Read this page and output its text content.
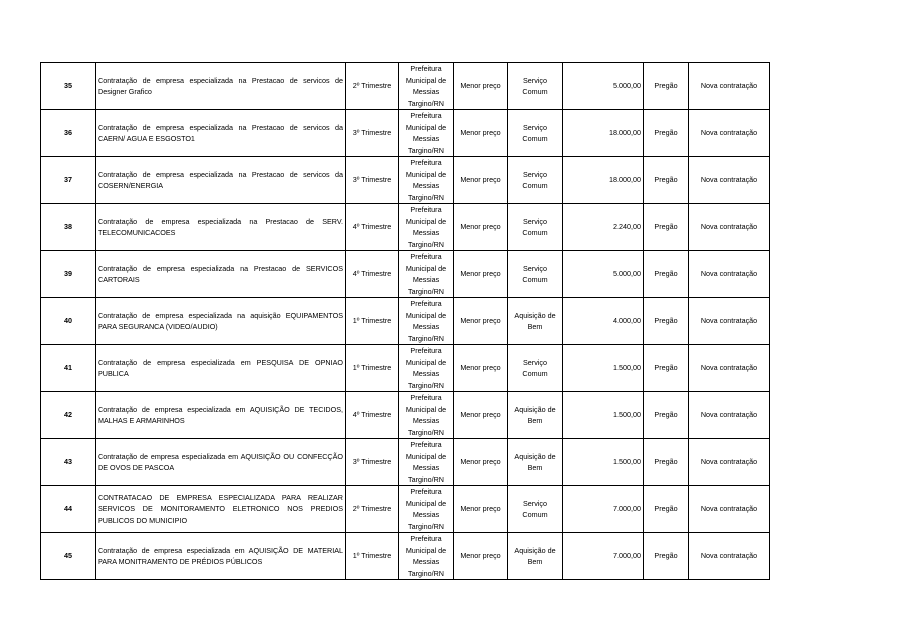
35	Contratação de empresa especializada na Prestacao de servicos de Designer Grafico	2º Trimestre	Prefeitura Municipal de Messias Targino/RN	Menor preço	Serviço Comum	5.000,00	Pregão	Nova contratação
36	Contratação de empresa especializada na Prestacao de servicos da CAERN/ AGUA E ESGOSTO1	3º Trimestre	Prefeitura Municipal de Messias Targino/RN	Menor preço	Serviço Comum	18.000,00	Pregão	Nova contratação
37	Contratação de empresa especializada na Prestacao de servicos da COSERN/ENERGIA	3º Trimestre	Prefeitura Municipal de Messias Targino/RN	Menor preço	Serviço Comum	18.000,00	Pregão	Nova contratação
38	Contratação de empresa especializada na Prestacao de SERV. TELECOMUNICACOES	4º Trimestre	Prefeitura Municipal de Messias Targino/RN	Menor preço	Serviço Comum	2.240,00	Pregão	Nova contratação
39	Contratação de empresa especializada na Prestacao de SERVICOS CARTORAIS	4º Trimestre	Prefeitura Municipal de Messias Targino/RN	Menor preço	Serviço Comum	5.000,00	Pregão	Nova contratação
40	Contratação de empresa especializada na aquisição EQUIPAMENTOS PARA SEGURANCA (VIDEO/AUDIO)	1º Trimestre	Prefeitura Municipal de Messias Targino/RN	Menor preço	Aquisição de Bem	4.000,00	Pregão	Nova contratação
41	Contratação de empresa especializada em PESQUISA DE OPNIAO PUBLICA	1º Trimestre	Prefeitura Municipal de Messias Targino/RN	Menor preço	Serviço Comum	1.500,00	Pregão	Nova contratação
42	Contratação de empresa especializada em AQUISIÇÃO DE TECIDOS, MALHAS E ARMARINHOS	4º Trimestre	Prefeitura Municipal de Messias Targino/RN	Menor preço	Aquisição de Bem	1.500,00	Pregão	Nova contratação
43	Contratação de empresa especializada em AQUISIÇÃO OU CONFECÇÃO DE OVOS DE PASCOA	3º Trimestre	Prefeitura Municipal de Messias Targino/RN	Menor preço	Aquisição de Bem	1.500,00	Pregão	Nova contratação
44	CONTRATACAO DE EMPRESA ESPECIALIZADA PARA REALIZAR SERVICOS DE MONITORAMENTO ELETRONICO NOS PREDIOS PUBLICOS DO MUNICIPIO	2º Trimestre	Prefeitura Municipal de Messias Targino/RN	Menor preço	Serviço Comum	7.000,00	Pregão	Nova contratação
45	Contratação de empresa especializada em AQUISIÇÃO DE MATERIAL PARA MONITRAMENTO DE PRÉDIOS PÚBLICOS	1º Trimestre	Prefeitura Municipal de Messias Targino/RN	Menor preço	Aquisição de Bem	7.000,00	Pregão	Nova contratação
